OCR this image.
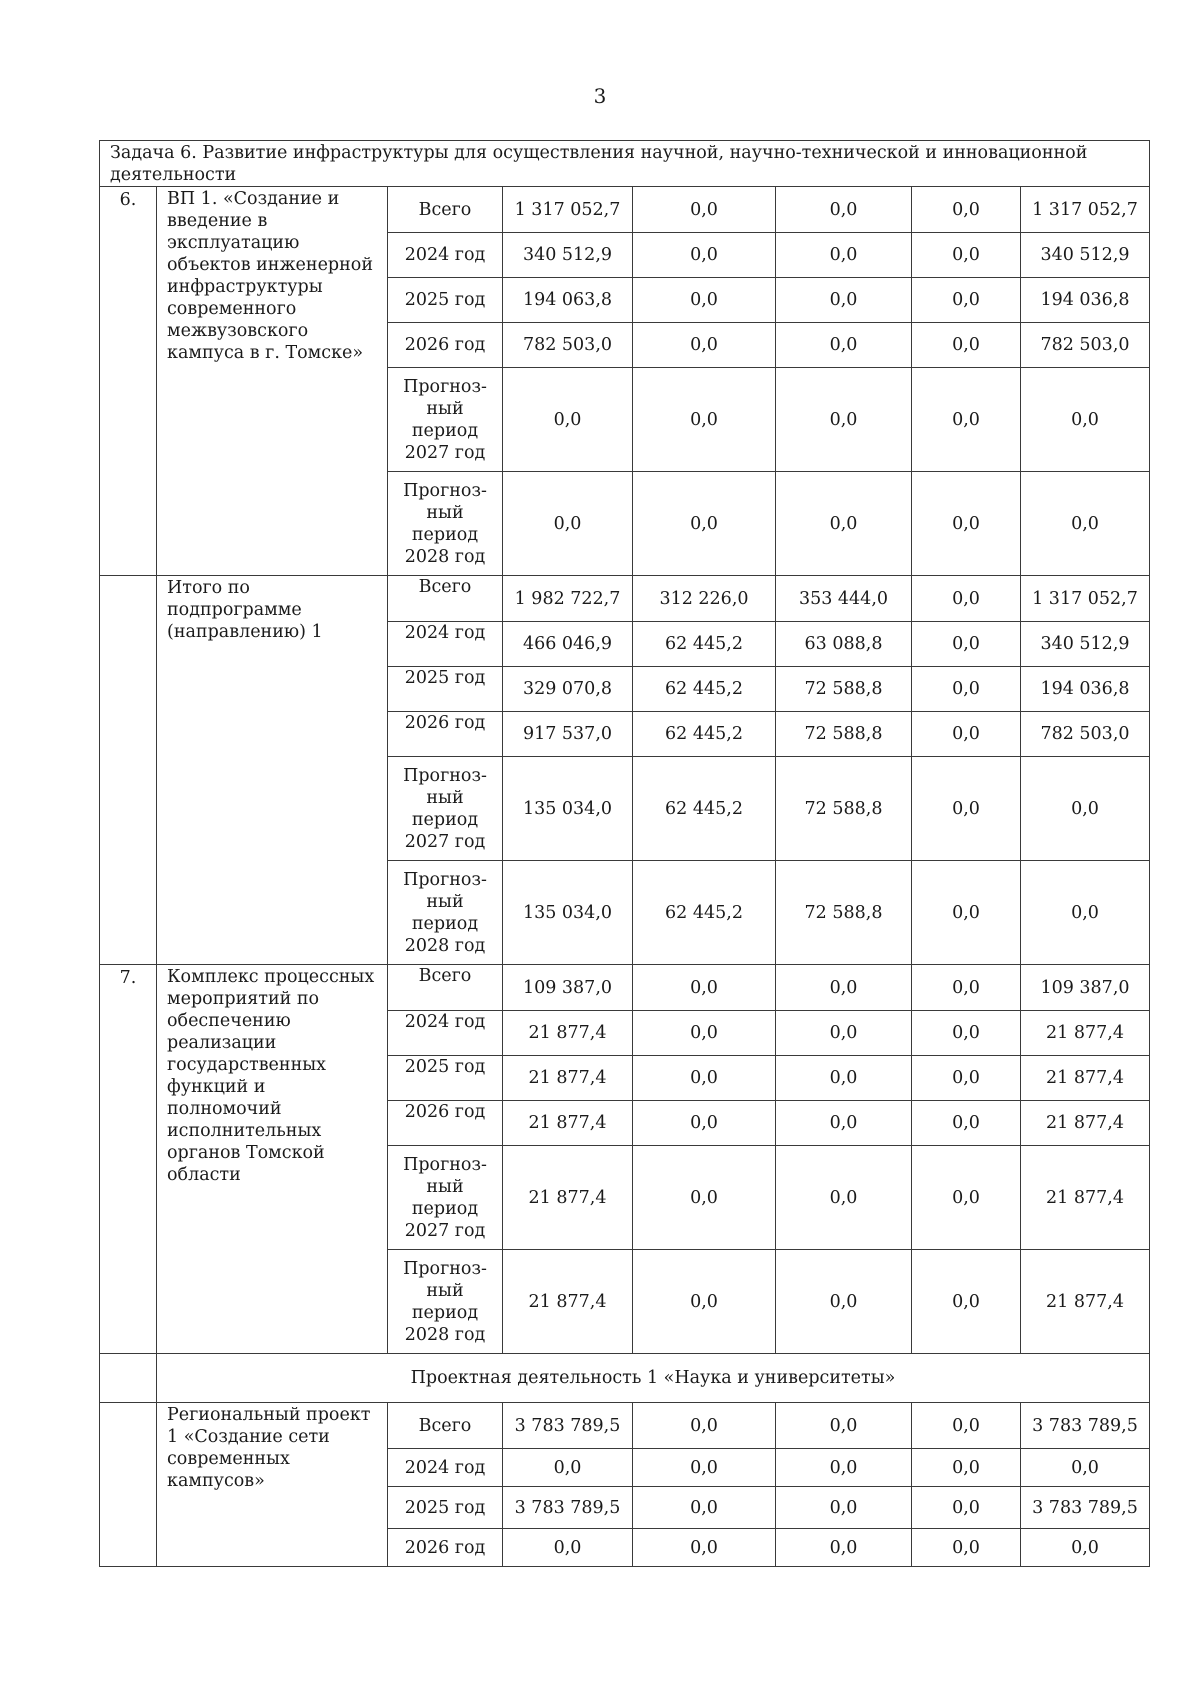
3
Задача 6. Развитие инфраструктуры для осуществления научной, научно-технической и инновационной деятельности							
6.	ВП 1. «Создание и введение в эксплуатацию объектов инженерной инфраструктуры современного межвузовского кампуса в г. Томске»	Всего	1 317 052,7	0,0	0,0	0,0	1 317 052,7
		2024 год	340 512,9	0,0	0,0	0,0	340 512,9
		2025 год	194 063,8	0,0	0,0	0,0	194 036,8
		2026 год	782 503,0	0,0	0,0	0,0	782 503,0
		Прогноз-ный период 2027 год	0,0	0,0	0,0	0,0	0,0
		Прогноз-ный период 2028 год	0,0	0,0	0,0	0,0	0,0
	Итого по подпрограмме (направлению) 1	Всего	1 982 722,7	312 226,0	353 444,0	0,0	1 317 052,7
		2024 год	466 046,9	62 445,2	63 088,8	0,0	340 512,9
		2025 год	329 070,8	62 445,2	72 588,8	0,0	194 036,8
		2026 год	917 537,0	62 445,2	72 588,8	0,0	782 503,0
		Прогноз-ный период 2027 год	135 034,0	62 445,2	72 588,8	0,0	0,0
		Прогноз-ный период 2028 год	135 034,0	62 445,2	72 588,8	0,0	0,0
7.	Комплекс процессных мероприятий по обеспечению реализации государственных функций и полномочий исполнительных органов Томской области	Всего	109 387,0	0,0	0,0	0,0	109 387,0
		2024 год	21 877,4	0,0	0,0	0,0	21 877,4
		2025 год	21 877,4	0,0	0,0	0,0	21 877,4
		2026 год	21 877,4	0,0	0,0	0,0	21 877,4
		Прогноз-ный период 2027 год	21 877,4	0,0	0,0	0,0	21 877,4
		Прогноз-ный период 2028 год	21 877,4	0,0	0,0	0,0	21 877,4
	Проектная деятельность 1 «Наука и университеты»						
	Региональный проект 1 «Создание сети современных кампусов»	Всего	3 783 789,5	0,0	0,0	0,0	3 783 789,5
		2024 год	0,0	0,0	0,0	0,0	0,0
		2025 год	3 783 789,5	0,0	0,0	0,0	3 783 789,5
		2026 год	0,0	0,0	0,0	0,0	0,0
